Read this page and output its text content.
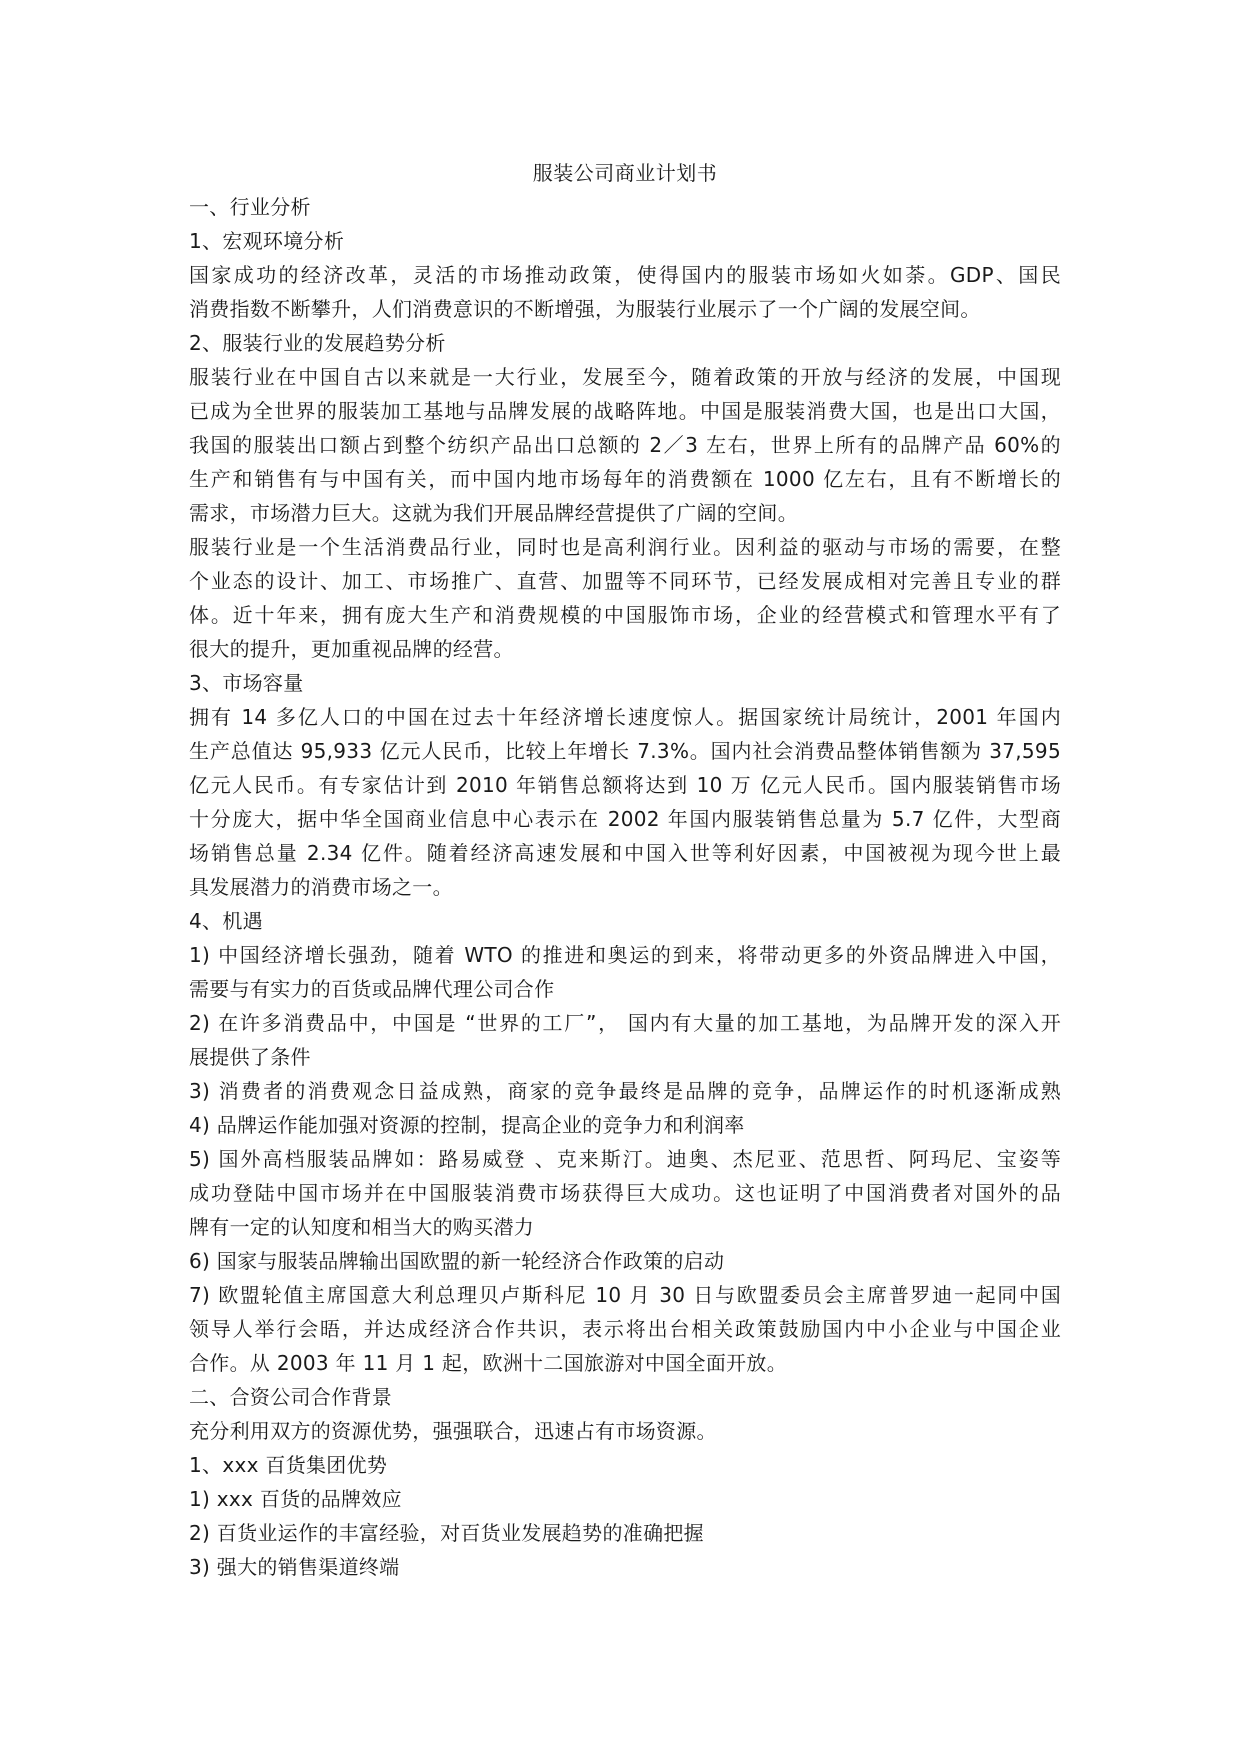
服装公司商业计划书
一、行业分析
1、宏观环境分析
国家成功的经济改革，灵活的市场推动政策，使得国内的服装市场如火如荼。GDP、国民
消费指数不断攀升，人们消费意识的不断增强，为服装行业展示了一个广阔的发展空间。
2、服装行业的发展趋势分析
服装行业在中国自古以来就是一大行业，发展至今，随着政策的开放与经济的发展，中国现
已成为全世界的服装加工基地与品牌发展的战略阵地。中国是服装消费大国，也是出口大国，
我国的服装出口额占到整个纺织产品出口总额的 2／3 左右，世界上所有的品牌产品 60%的
生产和销售有与中国有关，而中国内地市场每年的消费额在 1000 亿左右，且有不断增长的
需求，市场潜力巨大。这就为我们开展品牌经营提供了广阔的空间。
服装行业是一个生活消费品行业，同时也是高利润行业。因利益的驱动与市场的需要，在整
个业态的设计、加工、市场推广、直营、加盟等不同环节，已经发展成相对完善且专业的群
体。近十年来，拥有庞大生产和消费规模的中国服饰市场，企业的经营模式和管理水平有了
很大的提升，更加重视品牌的经营。
3、市场容量
拥有 14 多亿人口的中国在过去十年经济增长速度惊人。据国家统计局统计，2001 年国内
生产总值达 95,933 亿元人民币，比较上年增长 7.3%。国内社会消费品整体销售额为 37,595
亿元人民币。有专家估计到 2010 年销售总额将达到 10 万 亿元人民币。国内服装销售市场
十分庞大，据中华全国商业信息中心表示在 2002 年国内服装销售总量为 5.7 亿件，大型商
场销售总量 2.34 亿件。随着经济高速发展和中国入世等利好因素，中国被视为现今世上最
具发展潜力的消费市场之一。
4、机遇
1) 中国经济增长强劲，随着 WTO 的推进和奥运的到来，将带动更多的外资品牌进入中国，
需要与有实力的百货或品牌代理公司合作
2) 在许多消费品中，中国是 “世界的工厂”， 国内有大量的加工基地，为品牌开发的深入开
展提供了条件
3) 消费者的消费观念日益成熟，商家的竞争最终是品牌的竞争，品牌运作的时机逐渐成熟
4) 品牌运作能加强对资源的控制，提高企业的竞争力和利润率
5) 国外高档服装品牌如：路易威登 、克来斯汀。迪奥、杰尼亚、范思哲、阿玛尼、宝姿等
成功登陆中国市场并在中国服装消费市场获得巨大成功。这也证明了中国消费者对国外的品
牌有一定的认知度和相当大的购买潜力
6) 国家与服装品牌输出国欧盟的新一轮经济合作政策的启动
7) 欧盟轮值主席国意大利总理贝卢斯科尼 10 月 30 日与欧盟委员会主席普罗迪一起同中国
领导人举行会晤，并达成经济合作共识，表示将出台相关政策鼓励国内中小企业与中国企业
合作。从 2003 年 11 月 1 起，欧洲十二国旅游对中国全面开放。
二、合资公司合作背景
充分利用双方的资源优势，强强联合，迅速占有市场资源。
1、xxx 百货集团优势
1) xxx 百货的品牌效应
2) 百货业运作的丰富经验，对百货业发展趋势的准确把握
3) 强大的销售渠道终端
